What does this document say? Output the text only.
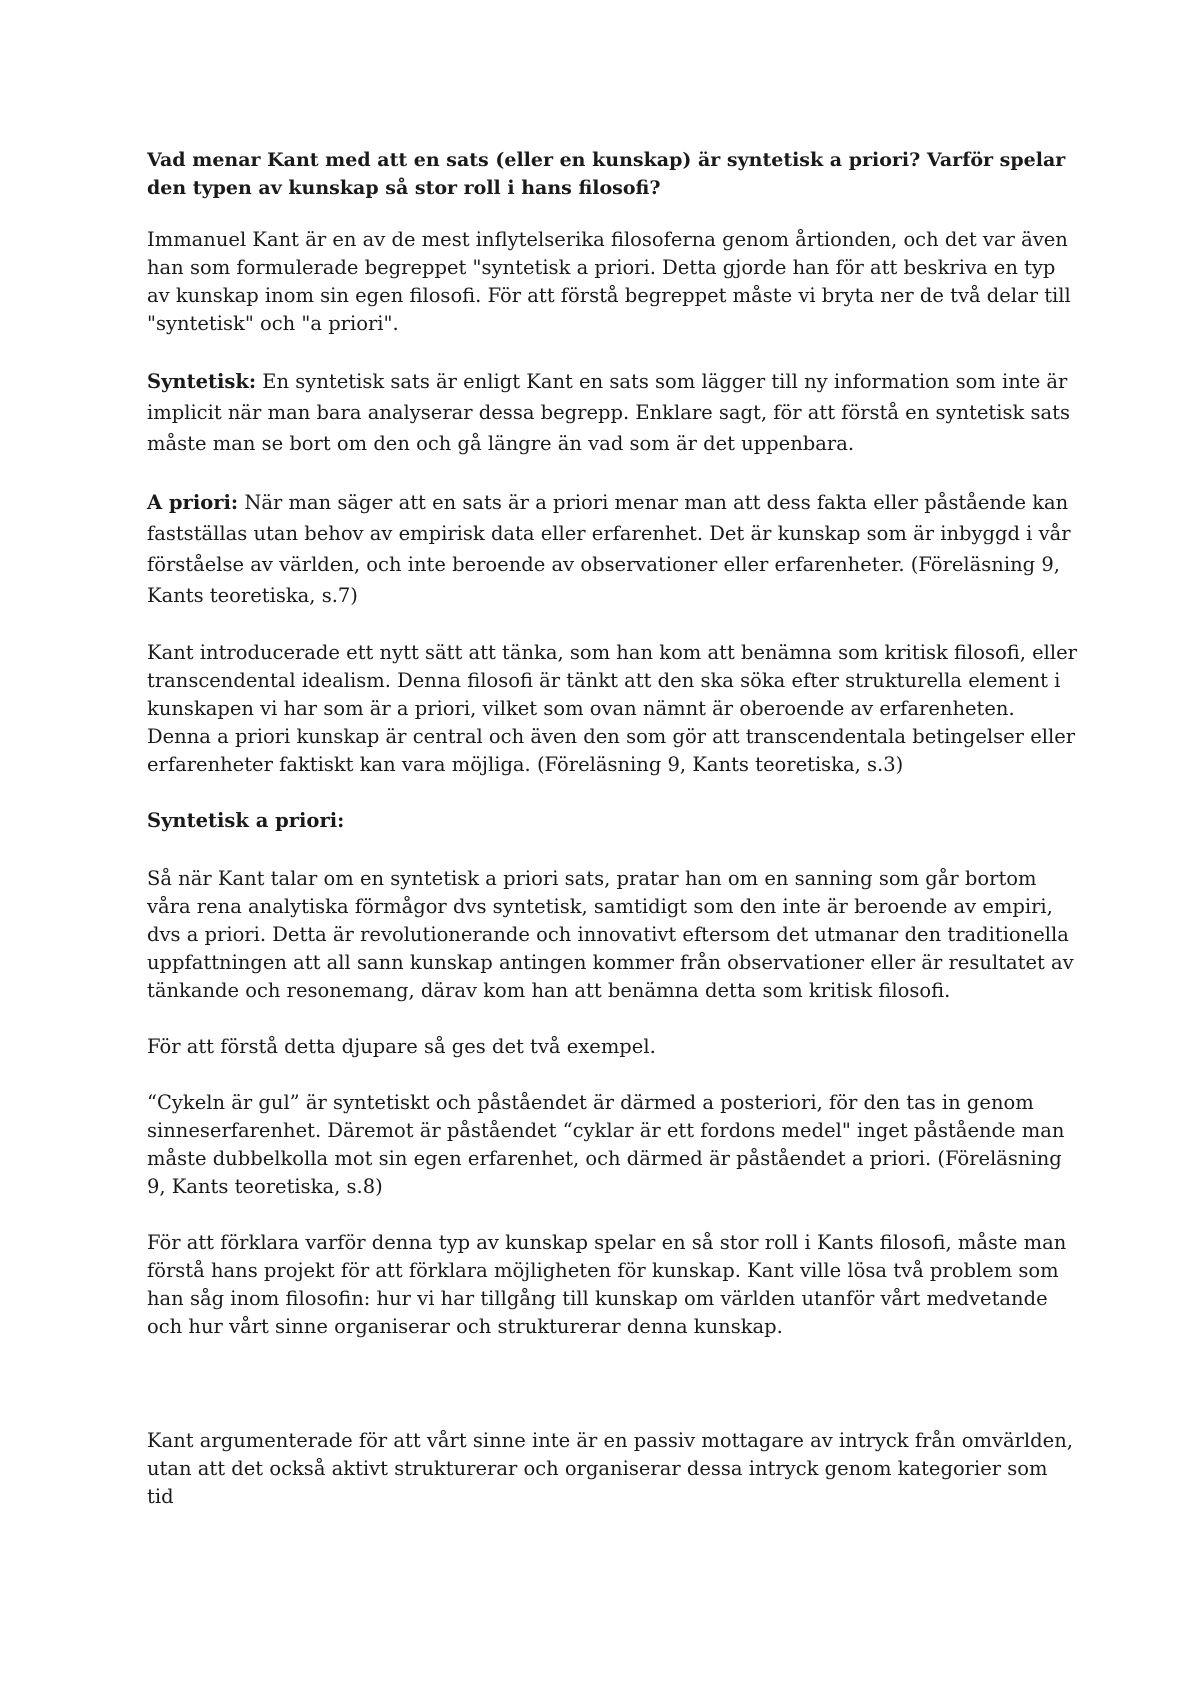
Vad menar Kant med att en sats (eller en kunskap) är syntetisk a priori? Varför spelar den typen av kunskap så stor roll i hans filosofi?

Immanuel Kant är en av de mest inflytelserika filosoferna genom årtionden, och det var även han som formulerade begreppet "syntetisk a priori. Detta gjorde han för att beskriva en typ av kunskap inom sin egen filosofi. För att förstå begreppet måste vi bryta ner de två delar till "syntetisk" och "a priori".

Syntetisk: En syntetisk sats är enligt Kant en sats som lägger till ny information som inte är implicit när man bara analyserar dessa begrepp. Enklare sagt, för att förstå en syntetisk sats måste man se bort om den och gå längre än vad som är det uppenbara.

A priori: När man säger att en sats är a priori menar man att dess fakta eller påstående kan fastställas utan behov av empirisk data eller erfarenhet. Det är kunskap som är inbyggd i vår förståelse av världen, och inte beroende av observationer eller erfarenheter. (Föreläsning 9, Kants teoretiska, s.7)

Kant introducerade ett nytt sätt att tänka, som han kom att benämna som kritisk filosofi, eller transcendental idealism. Denna filosofi är tänkt att den ska söka efter strukturella element i kunskapen vi har som är a priori, vilket som ovan nämnt är oberoende av erfarenheten. Denna a priori kunskap är central och även den som gör att transcendentala betingelser eller erfarenheter faktiskt kan vara möjliga. (Föreläsning 9, Kants teoretiska, s.3)

Syntetisk a priori:

Så när Kant talar om en syntetisk a priori sats, pratar han om en sanning som går bortom våra rena analytiska förmågor dvs syntetisk, samtidigt som den inte är beroende av empiri, dvs a priori. Detta är revolutionerande och innovativt eftersom det utmanar den traditionella uppfattningen att all sann kunskap antingen kommer från observationer eller är resultatet av tänkande och resonemang, därav kom han att benämna detta som kritisk filosofi.

För att förstå detta djupare så ges det två exempel.

“Cykeln är gul” är syntetiskt och påståendet är därmed a posteriori, för den tas in genom sinneserfarenhet. Däremot är påståendet “cyklar är ett fordons medel" inget påstående man måste dubbelkolla mot sin egen erfarenhet, och därmed är påståendet a priori. (Föreläsning 9, Kants teoretiska, s.8)

För att förklara varför denna typ av kunskap spelar en så stor roll i Kants filosofi, måste man förstå hans projekt för att förklara möjligheten för kunskap. Kant ville lösa två problem som han såg inom filosofin: hur vi har tillgång till kunskap om världen utanför vårt medvetande och hur vårt sinne organiserar och strukturerar denna kunskap.

Kant argumenterade för att vårt sinne inte är en passiv mottagare av intryck från omvärlden, utan att det också aktivt strukturerar och organiserar dessa intryck genom kategorier som tid
